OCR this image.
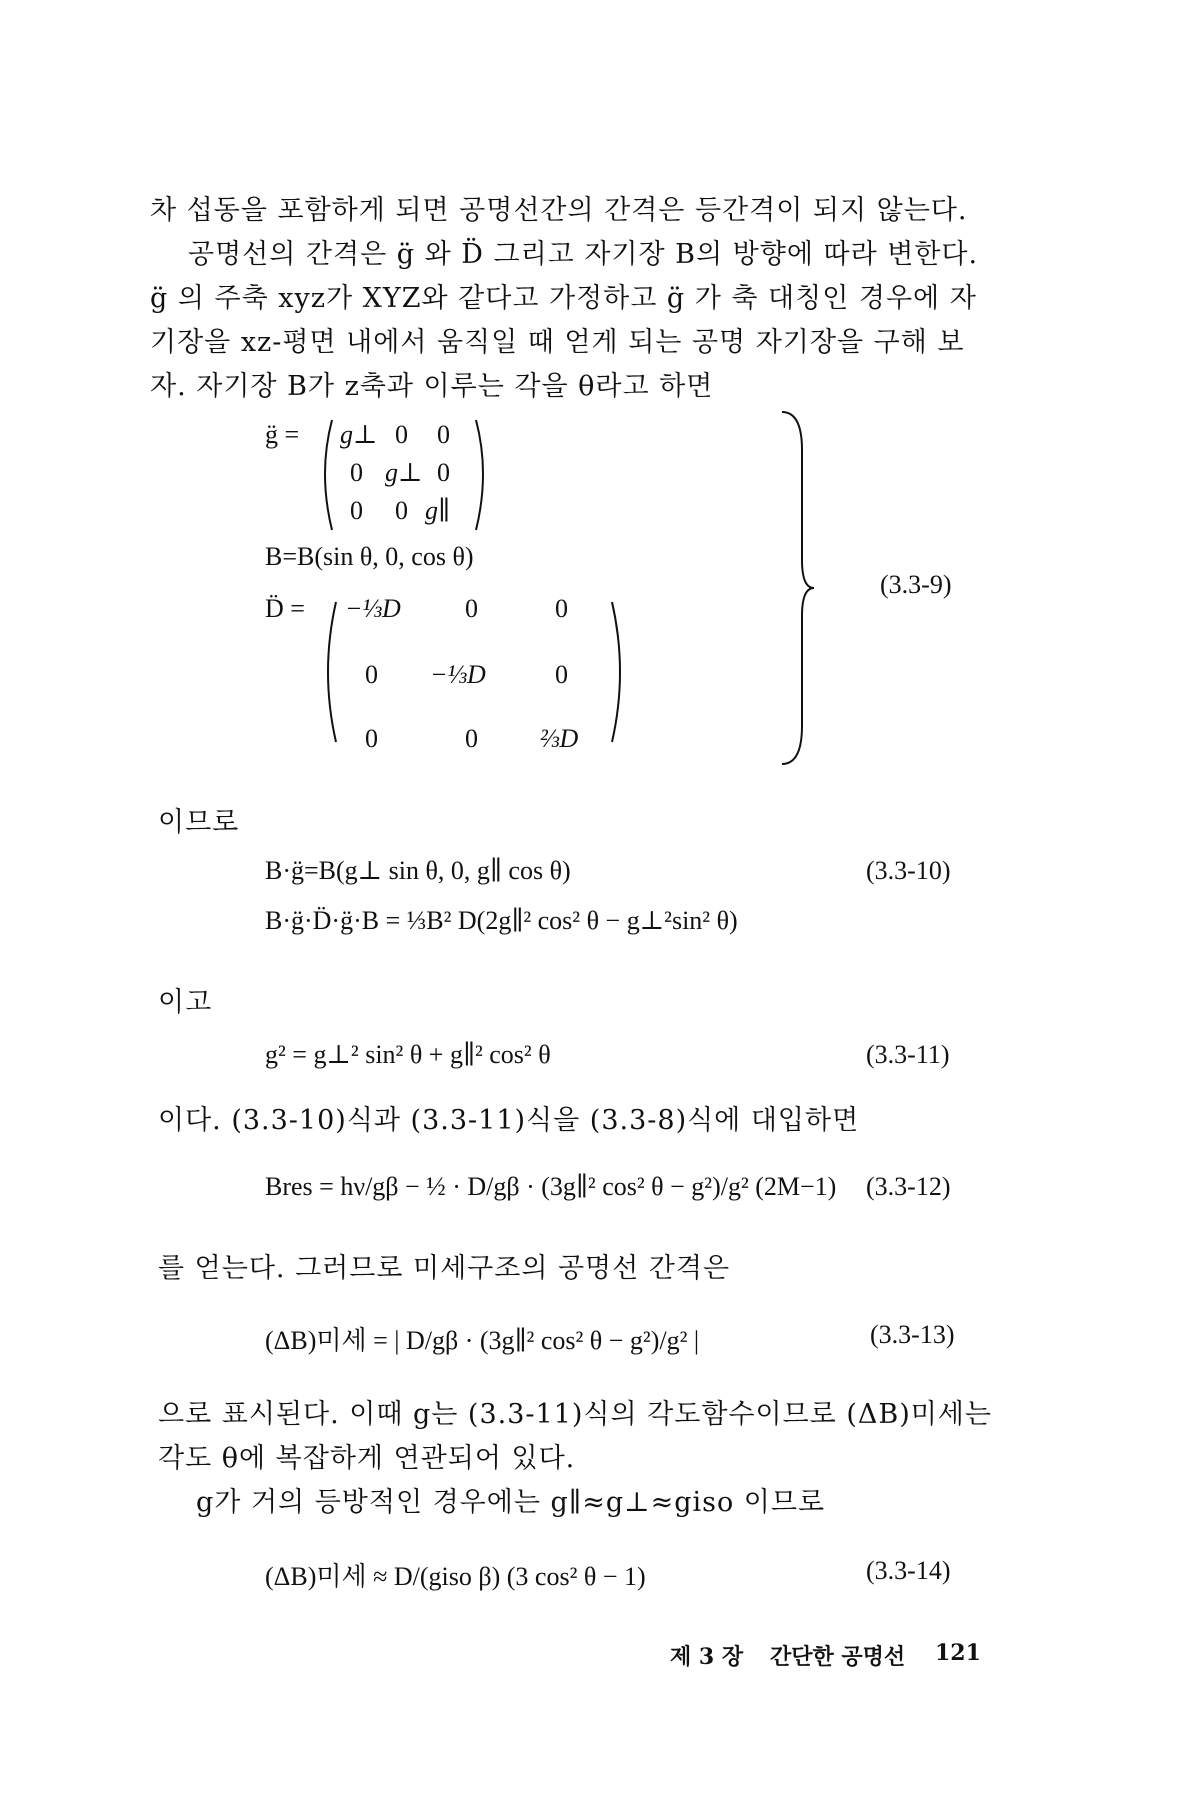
차 섭동을 포함하게 되면 공명선간의 간격은 등간격이 되지 않는다.
공명선의 간격은 g̈ 와 D̈ 그리고 자기장 B의 방향에 따라 변한다.
g̈ 의 주축 xyz가 XYZ와 같다고 가정하고 g̈ 가 축 대칭인 경우에 자
기장을 xz-평면 내에서 움직일 때 얻게 되는 공명 자기장을 구해 보
자. 자기장 B가 z축과 이루는 각을 θ라고 하면
g̈ = g⊥ 0 0
0 g⊥ 0
0 0 g∥
B=B(sin θ, 0, cos θ)
D̈ = −⅓D 0	0
0 −⅓D	0
0	0 ⅔D
(3.3-9)
이므로
B·g̈=B(g⊥ sin θ, 0, g∥ cos θ)	(3.3-10)
B·g̈·D̈·g̈·B = ⅓B² D(2g∥² cos² θ − g⊥²sin² θ)
이고
g² = g⊥² sin² θ + g∥² cos² θ	(3.3-11)
이다. (3.3-10)식과 (3.3-11)식을 (3.3-8)식에 대입하면
Bres = hν/gβ − ½ · D/gβ · (3g∥² cos² θ − g²)/g² (2M−1) (3.3-12)
를 얻는다. 그러므로 미세구조의 공명선 간격은
(ΔB)미세 = | D/gβ · (3g∥² cos² θ − g²)/g² |	(3.3-13)
으로 표시된다. 이때 g는 (3.3-11)식의 각도함수이므로 (ΔB)미세는
각도 θ에 복잡하게 연관되어 있다.
g가 거의 등방적인 경우에는 g∥≈g⊥≈giso 이므로
(ΔB)미세 ≈ D/(giso β) (3 cos² θ − 1)	(3.3-14)
제 3 장 간단한 공명선 121
